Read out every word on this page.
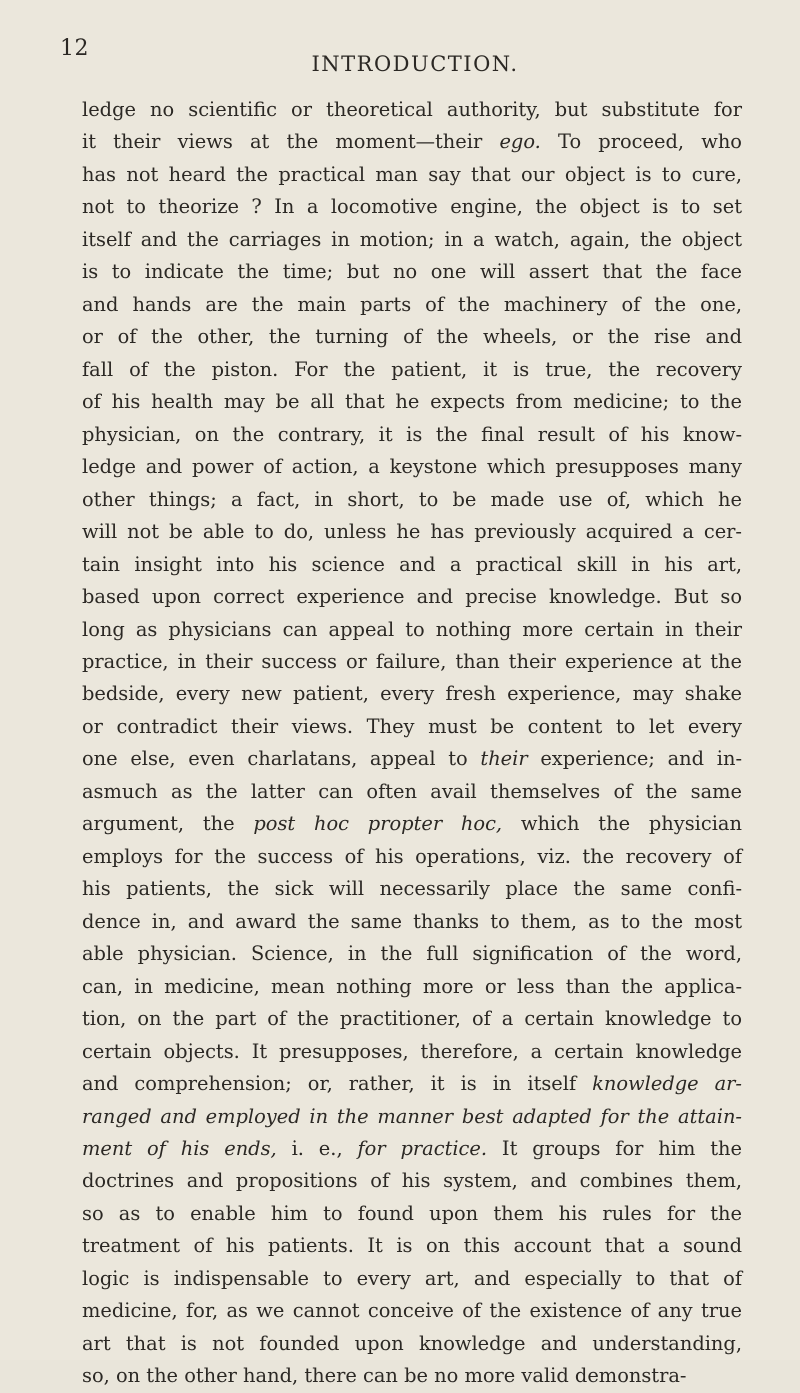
12
INTRODUCTION.
ledge no scientific or theoretical authority, but substitute for
it their views at the moment—their ego. To proceed, who
has not heard the practical man say that our object is to cure,
not to theorize ? In a locomotive engine, the object is to set
itself and the carriages in motion; in a watch, again, the object
is to indicate the time; but no one will assert that the face
and hands are the main parts of the machinery of the one,
or of the other, the turning of the wheels, or the rise and
fall of the piston. For the patient, it is true, the recovery
of his health may be all that he expects from medicine; to the
physician, on the contrary, it is the final result of his know-
ledge and power of action, a keystone which presupposes many
other things; a fact, in short, to be made use of, which he
will not be able to do, unless he has previously acquired a cer-
tain insight into his science and a practical skill in his art,
based upon correct experience and precise knowledge. But so
long as physicians can appeal to nothing more certain in their
practice, in their success or failure, than their experience at the
bedside, every new patient, every fresh experience, may shake
or contradict their views. They must be content to let every
one else, even charlatans, appeal to their experience; and in-
asmuch as the latter can often avail themselves of the same
argument, the post hoc propter hoc, which the physician
employs for the success of his operations, viz. the recovery of
his patients, the sick will necessarily place the same confi-
dence in, and award the same thanks to them, as to the most
able physician. Science, in the full signification of the word,
can, in medicine, mean nothing more or less than the applica-
tion, on the part of the practitioner, of a certain knowledge to
certain objects. It presupposes, therefore, a certain knowledge
and comprehension; or, rather, it is in itself knowledge ar-
ranged and employed in the manner best adapted for the attain-
ment of his ends, i. e., for practice. It groups for him the
doctrines and propositions of his system, and combines them,
so as to enable him to found upon them his rules for the
treatment of his patients. It is on this account that a sound
logic is indispensable to every art, and especially to that of
medicine, for, as we cannot conceive of the existence of any true
art that is not founded upon knowledge and understanding,
so, on the other hand, there can be no more valid demonstra-
